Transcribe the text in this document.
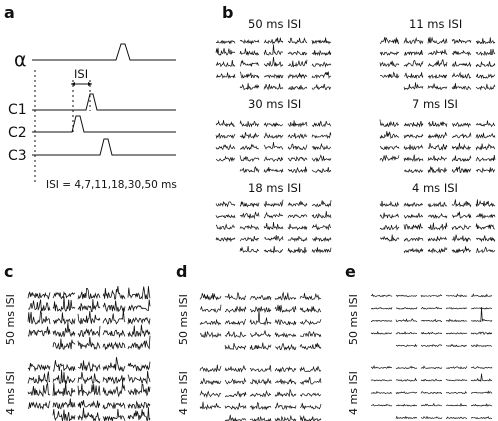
a	b
c	d	e
α
ISI
C1
C2
C3
ISI = 4,7,11,18,30,50 ms
50 ms ISI	11 ms ISI
30 ms ISI	7 ms ISI
18 ms ISI	4 ms ISI
50 ms ISI
4 ms ISI
50 ms ISI
4 ms ISI
50 ms ISI
4 ms ISI
